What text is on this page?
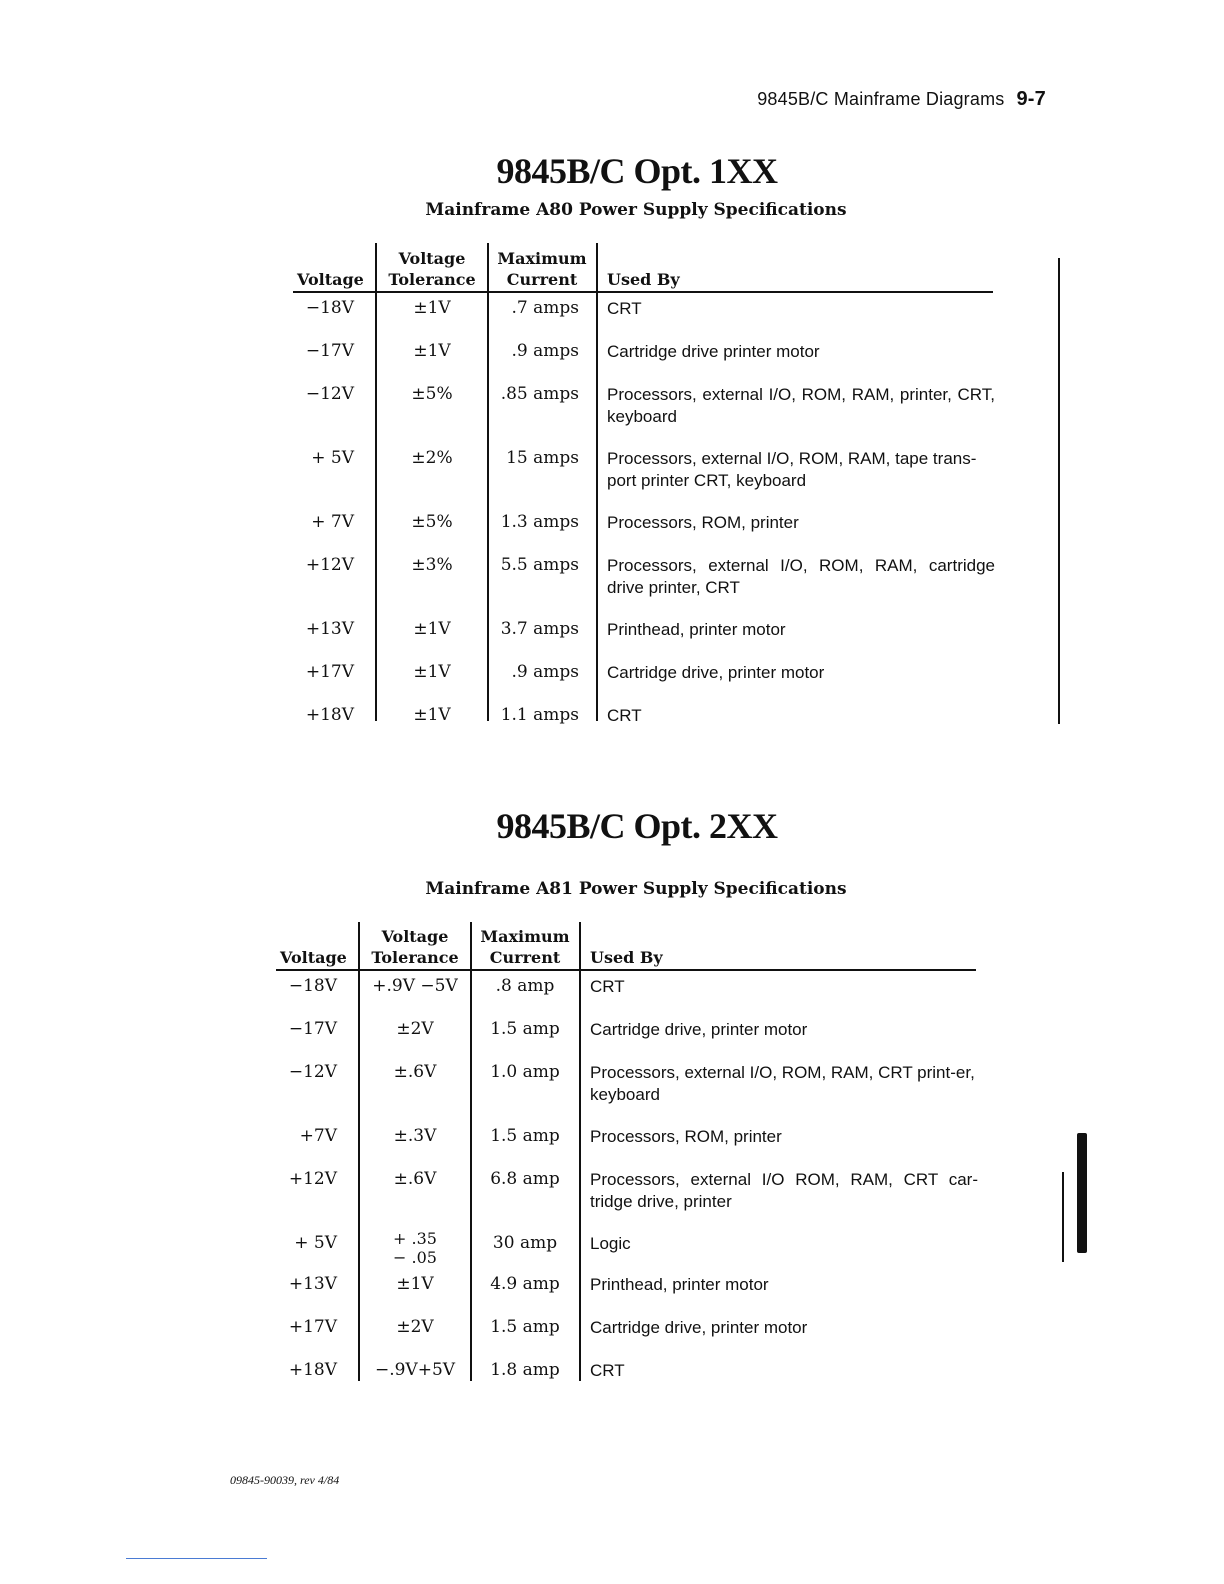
9845B/C Mainframe Diagrams 9-7
9845B/C Opt. 1XX
Mainframe A80 Power Supply Specifications
Voltage
Voltage
Tolerance
Maximum
Current	Used By
−18V	±1V	.7 amps CRT
−17V	±1V	.9 amps Cartridge drive printer motor
−12V	±5%	.85 amps Processors, external I/O, ROM, RAM, printer, CRT, keyboard
+ 5V	±2%	15 amps Processors, external I/O, ROM, RAM, tape trans-port printer CRT, keyboard
+ 7V	±5%	1.3 amps Processors, ROM, printer
+12V	±3%	5.5 amps Processors, external I/O, ROM, RAM, cartridge drive printer, CRT
+13V	±1V	3.7 amps Printhead, printer motor
+17V	±1V	.9 amps Cartridge drive, printer motor
+18V	±1V	1.1 amps CRT
9845B/C Opt. 2XX
Mainframe A81 Power Supply Specifications
Voltage
Voltage
Tolerance
Maximum
Current	Used By
−18V	+.9V −5V	.8 amp	CRT
−17V	±2V	1.5 amp	Cartridge drive, printer motor
−12V	±.6V	1.0 amp	Processors, external I/O, ROM, RAM, CRT print-er, keyboard
+7V	±.3V	1.5 amp	Processors, ROM, printer
+12V	±.6V	6.8 amp	Processors, external I/O ROM, RAM, CRT car-tridge drive, printer
+ 5V	+ .35
− .05
30 amp	Logic
+13V	±1V	4.9 amp	Printhead, printer motor
+17V	±2V	1.5 amp	Cartridge drive, printer motor
+18V	−.9V+5V	1.8 amp	CRT
09845-90039, rev 4/84
